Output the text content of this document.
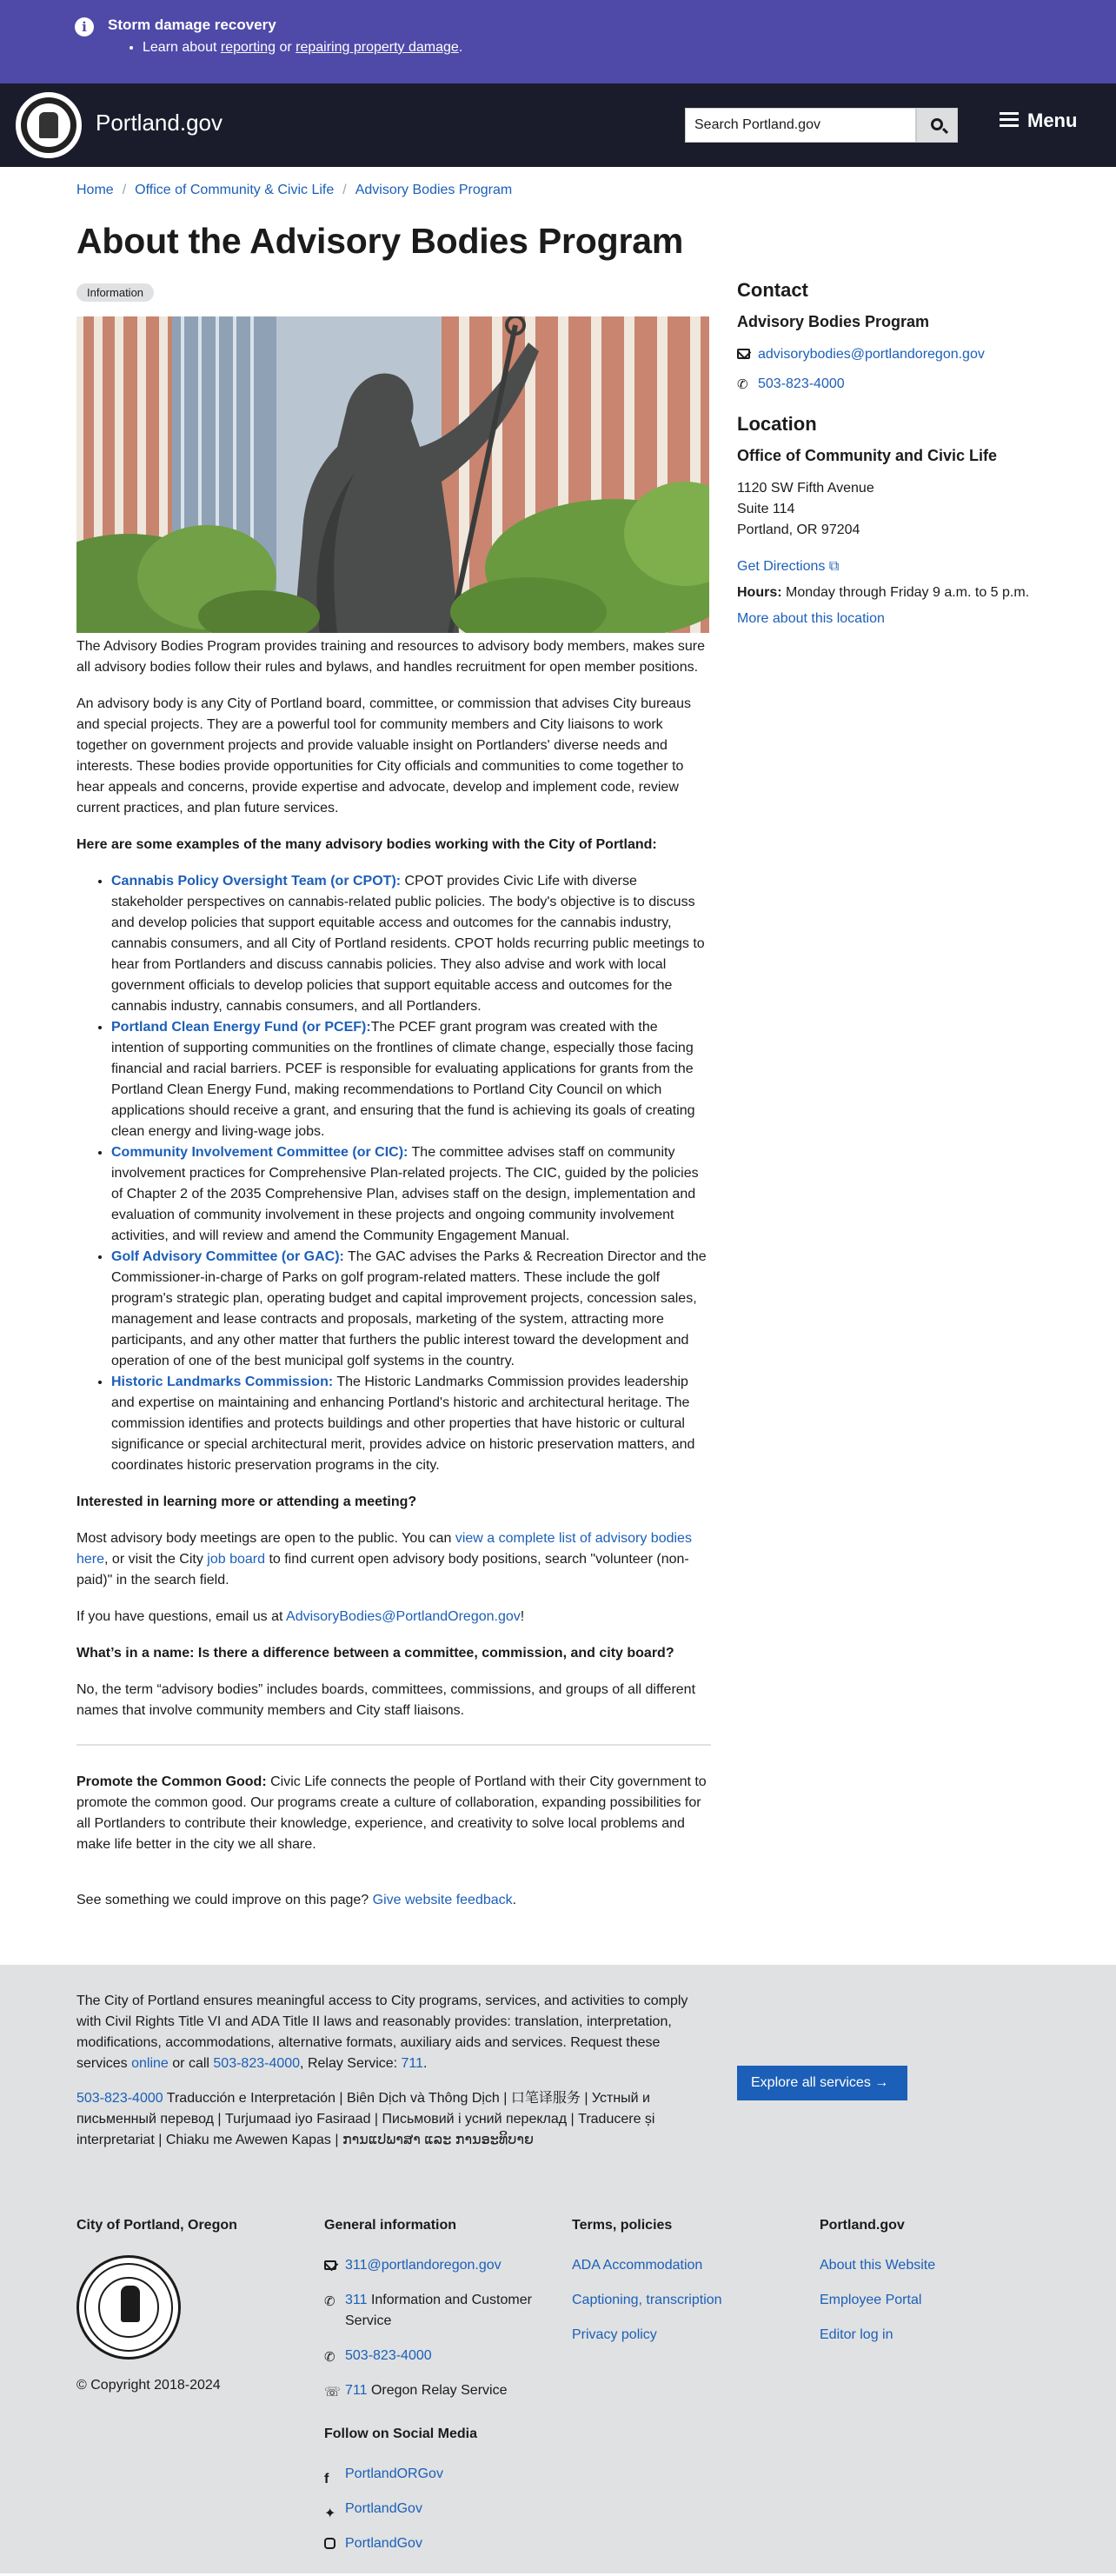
i	Storm damage recovery
• Learn about reporting or repairing property damage.
Portland.gov	Search Portland.gov	Menu
Home / Office of Community & Civic Life / Advisory Bodies Program
About the Advisory Bodies Program
Information

The Advisory Bodies Program provides training and resources to advisory body members, makes sure all advisory bodies follow their rules and bylaws, and handles recruitment for open member positions.

An advisory body is any City of Portland board, committee, or commission that advises City bureaus and special projects. They are a powerful tool for community members and City liaisons to work together on government projects and provide valuable insight on Portlanders' diverse needs and interests. These bodies provide opportunities for City officials and communities to come together to hear appeals and concerns, provide expertise and advocate, develop and implement code, review current practices, and plan future services.

Here are some examples of the many advisory bodies working with the City of Portland:
• Cannabis Policy Oversight Team (or CPOT): CPOT provides Civic Life with diverse stakeholder perspectives on cannabis-related public policies. The body's objective is to discuss and develop policies that support equitable access and outcomes for the cannabis industry, cannabis consumers, and all City of Portland residents. CPOT holds recurring public meetings to hear from Portlanders and discuss cannabis policies. They also advise and work with local government officials to develop policies that support equitable access and outcomes for the cannabis industry, cannabis consumers, and all Portlanders.
• Portland Clean Energy Fund (or PCEF):The PCEF grant program was created with the intention of supporting communities on the frontlines of climate change, especially those facing financial and racial barriers. PCEF is responsible for evaluating applications for grants from the Portland Clean Energy Fund, making recommendations to Portland City Council on which applications should receive a grant, and ensuring that the fund is achieving its goals of creating clean energy and living-wage jobs.
• Community Involvement Committee (or CIC): The committee advises staff on community involvement practices for Comprehensive Plan-related projects. The CIC, guided by the policies of Chapter 2 of the 2035 Comprehensive Plan, advises staff on the design, implementation and evaluation of community involvement in these projects and ongoing community involvement activities, and will review and amend the Community Engagement Manual.
• Golf Advisory Committee (or GAC): The GAC advises the Parks & Recreation Director and the Commissioner-in-charge of Parks on golf program-related matters. These include the golf program's strategic plan, operating budget and capital improvement projects, concession sales, management and lease contracts and proposals, marketing of the system, attracting more participants, and any other matter that furthers the public interest toward the development and operation of one of the best municipal golf systems in the country.
• Historic Landmarks Commission: The Historic Landmarks Commission provides leadership and expertise on maintaining and enhancing Portland's historic and architectural heritage. The commission identifies and protects buildings and other properties that have historic or cultural significance or special architectural merit, provides advice on historic preservation matters, and coordinates historic preservation programs in the city.
Interested in learning more or attending a meeting?

Most advisory body meetings are open to the public. You can view a complete list of advisory bodies here, or visit the City job board to find current open advisory body positions, search "volunteer (non-paid)" in the search field.

If you have questions, email us at AdvisoryBodies@PortlandOregon.gov!

What’s in a name: Is there a difference between a committee, commission, and city board?

No, the term “advisory bodies” includes boards, committees, commissions, and groups of all different names that involve community members and City staff liaisons.

Promote the Common Good: Civic Life connects the people of Portland with their City government to promote the common good. Our programs create a culture of collaboration, expanding possibilities for all Portlanders to contribute their knowledge, experience, and creativity to solve local problems and make life better in the city we all share.

See something we could improve on this page? Give website feedback.

Contact
Advisory Bodies Program
advisorybodies@portlandoregon.gov
✆ 503-823-4000
Location
Office of Community and Civic Life
1120 SW Fifth Avenue
Suite 114
Portland, OR 97204
Get Directions ⧉
Hours: Monday through Friday 9 a.m. to 5 p.m.
More about this location
The City of Portland ensures meaningful access to City programs, services, and activities to comply with Civil Rights Title VI and ADA Title II laws and reasonably provides: translation, interpretation, modifications, accommodations, alternative formats, auxiliary aids and services. Request these services online or call 503-823-4000, Relay Service: 711.
503-823-4000 Traducción e Interpretación | Biên Dịch và Thông Dịch | 口笔译服务 | Устный и письменный перевод | Turjumaad iyo Fasiraad | Письмовий і усний переклад | Traducere și interpretariat | Chiaku me Awewen Kapas | ການແປພາສາ ແລະ ການອະທິບາຍ
Explore all services →
City of Portland, Oregon
© Copyright 2018-2024
General information
311@portlandoregon.gov
✆ 311 Information and Customer Service
✆ 503-823-4000
☏ 711 Oregon Relay Service
Follow on Social Media
f	PortlandORGov
✦ PortlandGov
PortlandGov
Terms, policies
ADA Accommodation
Captioning, transcription
Privacy policy
Portland.gov
About this Website
Employee Portal
Editor log in
